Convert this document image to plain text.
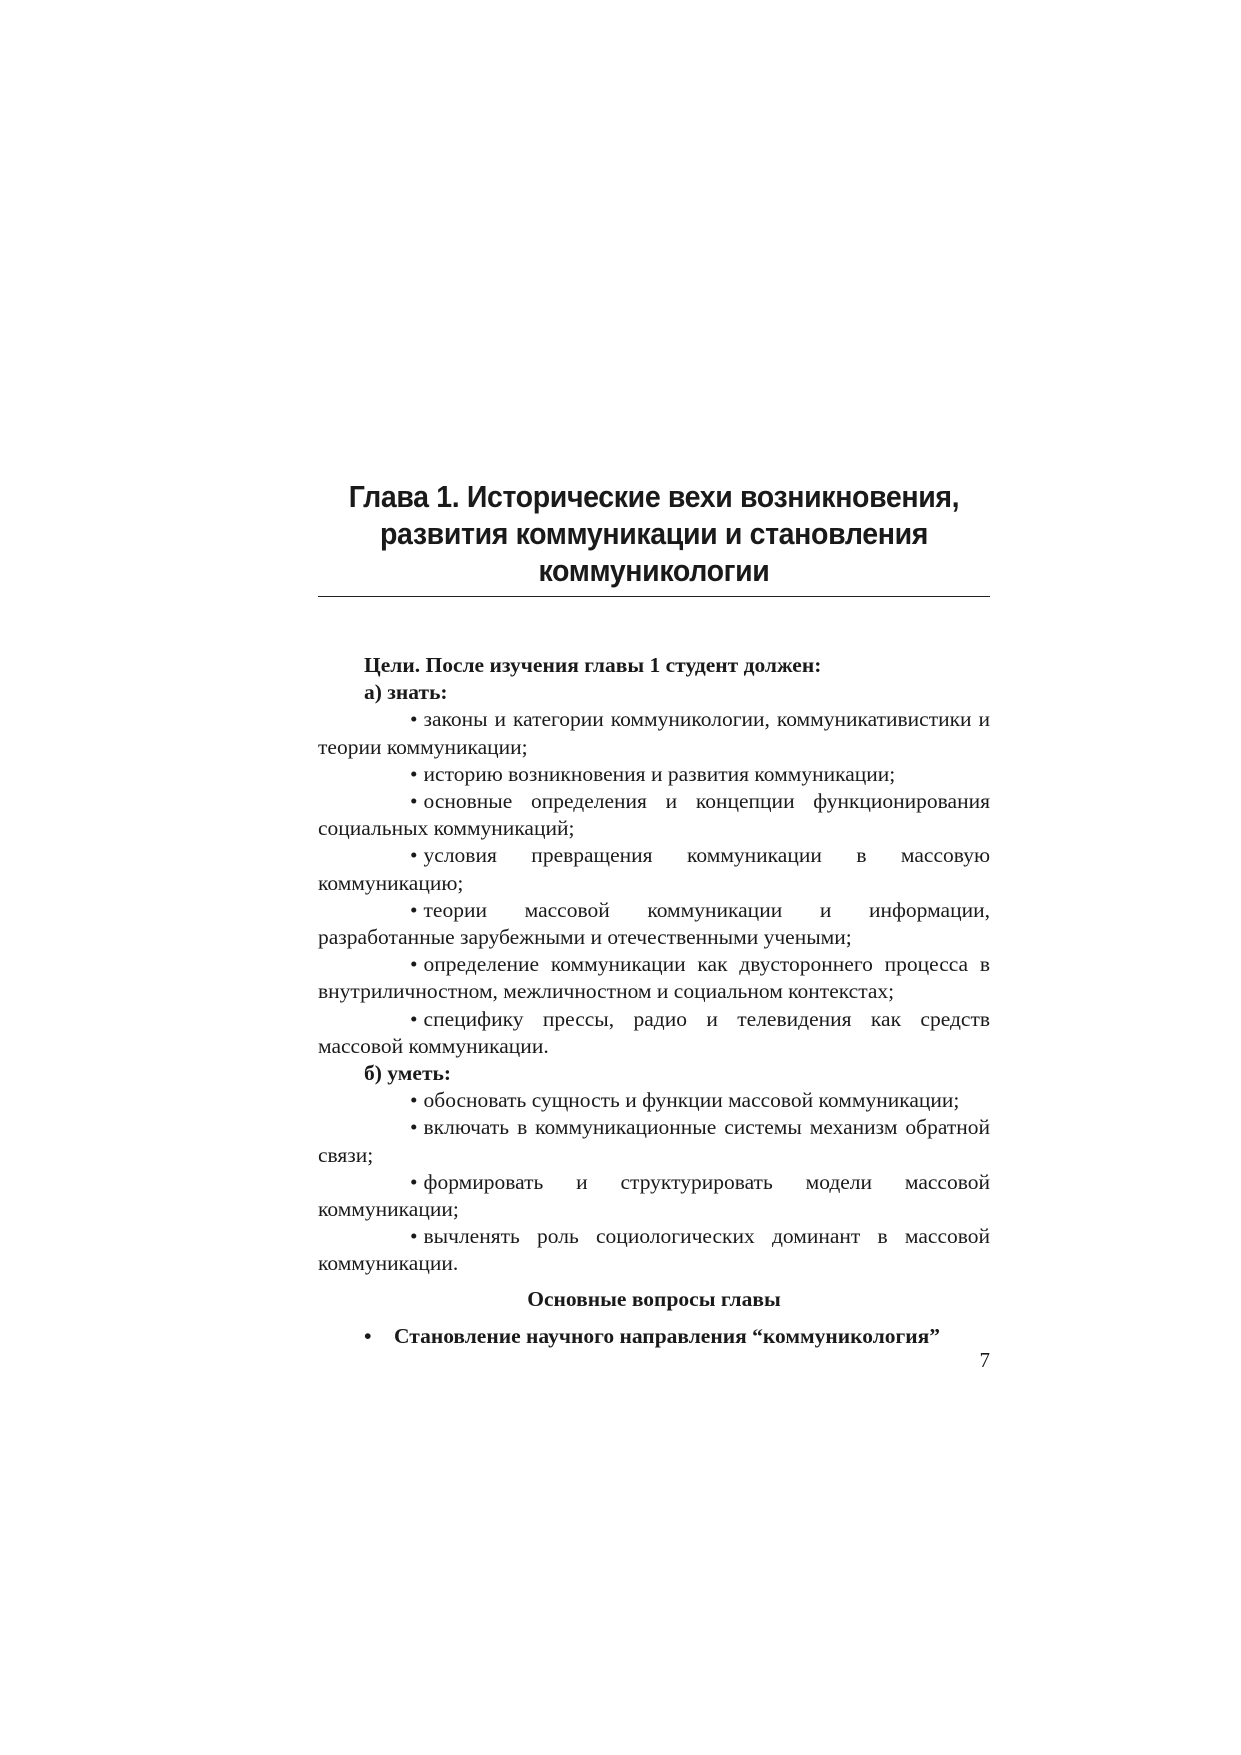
Глава 1. Исторические вехи возникновения,
развития коммуникации и становления
коммуникологии

Цели. После изучения главы 1 студент должен:

а) знать:

• законы и категории коммуникологии, коммуникативистики и теории коммуникации;

• историю возникновения и развития коммуникации;

• основные определения и концепции функционирования социальных коммуникаций;

• условия превращения коммуникации в массовую коммуникацию;

• теории массовой коммуникации и информации, разработанные зарубежными и отечественными учеными;

• определение коммуникации как двустороннего процесса в внутриличностном, межличностном и социальном контекстах;

• специфику прессы, радио и телевидения как средств массовой коммуникации.

б) уметь:

• обосновать сущность и функции массовой коммуникации;

• включать в коммуникационные системы механизм обратной связи;

• формировать и структурировать модели массовой коммуникации;

• вычленять роль социологических доминант в массовой коммуникации.

Основные вопросы главы

• Становление научного направления “коммуникология”

7
